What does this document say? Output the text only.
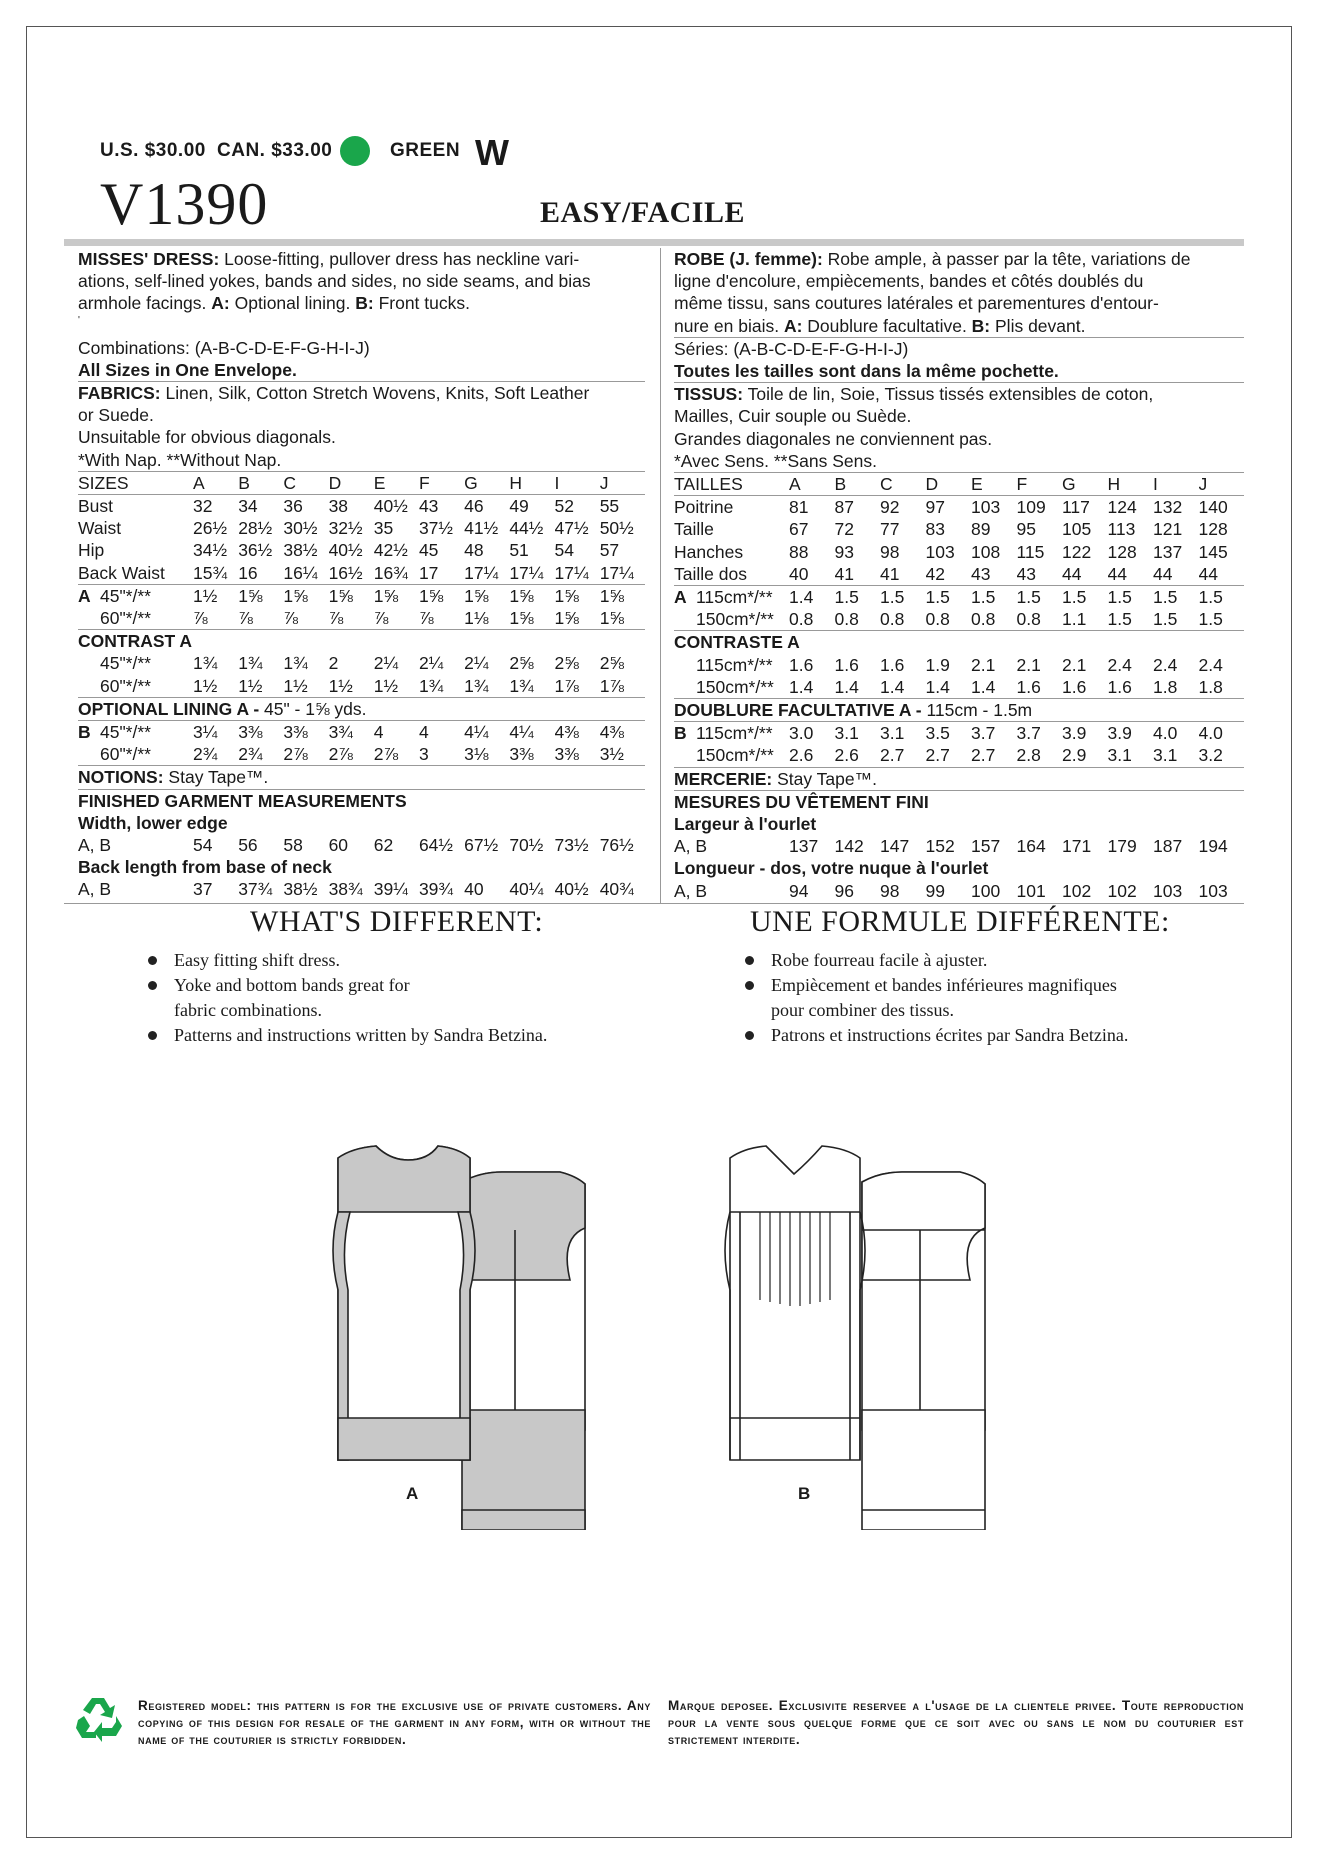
U.S. $30.00 CAN. $33.00	GREEN W
V1390	EASY/FACILE

MISSES' DRESS: Loose-fitting, pullover dress has neckline vari-

ations, self-lined yokes, bands and sides, no side seams, and bias

armhole facings. A: Optional lining. B: Front tucks.

'

Combinations: (A-B-C-D-E-F-G-H-I-J)

All Sizes in One Envelope.

FABRICS: Linen, Silk, Cotton Stretch Wovens, Knits, Soft Leather

or Suede.

Unsuitable for obvious diagonals.

*With Nap. **Without Nap.

SIZES	A	B	C	D	E	F	G	H	I	J
Bust	32	34	36	38	40½	43	46	49	52	55
Waist	26½	28½	30½	32½	35	37½	41½	44½	47½	50½
Hip	34½	36½	38½	40½	42½	45	48	51	54	57
Back Waist	15¾	16	16¼	16½	16¾	17	17¼	17¼	17¼	17¼
A	45"*/**	1½	1⅝	1⅝	1⅝	1⅝	1⅝	1⅝	1⅝	1⅝	1⅝
	60"*/**	⅞	⅞	⅞	⅞	⅞	⅞	1⅛	1⅝	1⅝	1⅝
CONTRAST A											
	45"*/**	1¾	1¾	1¾	2	2¼	2¼	2¼	2⅝	2⅝	2⅝
	60"*/**	1½	1½	1½	1½	1½	1¾	1¾	1¾	1⅞	1⅞
OPTIONAL LINING A - 45" - 1⅝ yds.											
B	45"*/**	3¼	3⅜	3⅜	3¾	4	4	4¼	4¼	4⅜	4⅜
	60"*/**	2¾	2¾	2⅞	2⅞	2⅞	3	3⅛	3⅜	3⅜	3½
NOTIONS: Stay Tape™.											
FINISHED GARMENT MEASUREMENTS											
Width, lower edge											
A, B	54	56	58	60	62	64½	67½	70½	73½	76½
Back length from base of neck										
A, B	37	37¾	38½	38¾	39¼	39¾	40	40¼	40½	40¾

ROBE (J. femme): Robe ample, à passer par la tête, variations de

ligne d'encolure, empiècements, bandes et côtés doublés du

même tissu, sans coutures latérales et parementures d'entour-

nure en biais. A: Doublure facultative. B: Plis devant.

Séries: (A-B-C-D-E-F-G-H-I-J)

Toutes les tailles sont dans la même pochette.

TISSUS: Toile de lin, Soie, Tissus tissés extensibles de coton,

Mailles, Cuir souple ou Suède.

Grandes diagonales ne conviennent pas.

*Avec Sens. **Sans Sens.

TAILLES	A	B	C	D	E	F	G	H	I	J
Poitrine	81	87	92	97	103	109	117	124	132	140
Taille	67	72	77	83	89	95	105	113	121	128
Hanches	88	93	98	103	108	115	122	128	137	145
Taille dos	40	41	41	42	43	43	44	44	44	44
A	115cm*/**	1.4	1.5	1.5	1.5	1.5	1.5	1.5	1.5	1.5	1.5
	150cm*/**	0.8	0.8	0.8	0.8	0.8	0.8	1.1	1.5	1.5	1.5
CONTRASTE A											
	115cm*/**	1.6	1.6	1.6	1.9	2.1	2.1	2.1	2.4	2.4	2.4
	150cm*/**	1.4	1.4	1.4	1.4	1.4	1.6	1.6	1.6	1.8	1.8
DOUBLURE FACULTATIVE A - 115cm - 1.5m											
B	115cm*/**	3.0	3.1	3.1	3.5	3.7	3.7	3.9	3.9	4.0	4.0
	150cm*/**	2.6	2.6	2.7	2.7	2.7	2.8	2.9	3.1	3.1	3.2
MERCERIE: Stay Tape™.											
MESURES DU VÊTEMENT FINI											
Largeur à l'ourlet											
A, B	137	142	147	152	157	164	171	179	187	194
Longueur - dos, votre nuque à l'ourlet										
A, B	94	96	98	99	100	101	102	102	103	103
WHAT'S DIFFERENT:
Easy fitting shift dress.
Yoke and bottom bands great for
fabric combinations.
Patterns and instructions written by Sandra Betzina.
UNE FORMULE DIFFÉRENTE:
Robe fourreau facile à ajuster.
Empiècement et bandes inférieures magnifiques
pour combiner des tissus.
Patrons et instructions écrites par Sandra Betzina.
A	B
Registered model: this pattern is for the exclusive use of private customers. Any copying of this design for resale of the garment in any form, with or without the name of the couturier is strictly forbidden.
Marque deposee. Exclusivite reservee a l'usage de la clientele privee. Toute reproduction pour la vente sous quelque forme que ce soit avec ou sans le nom du couturier est strictement interdite.
